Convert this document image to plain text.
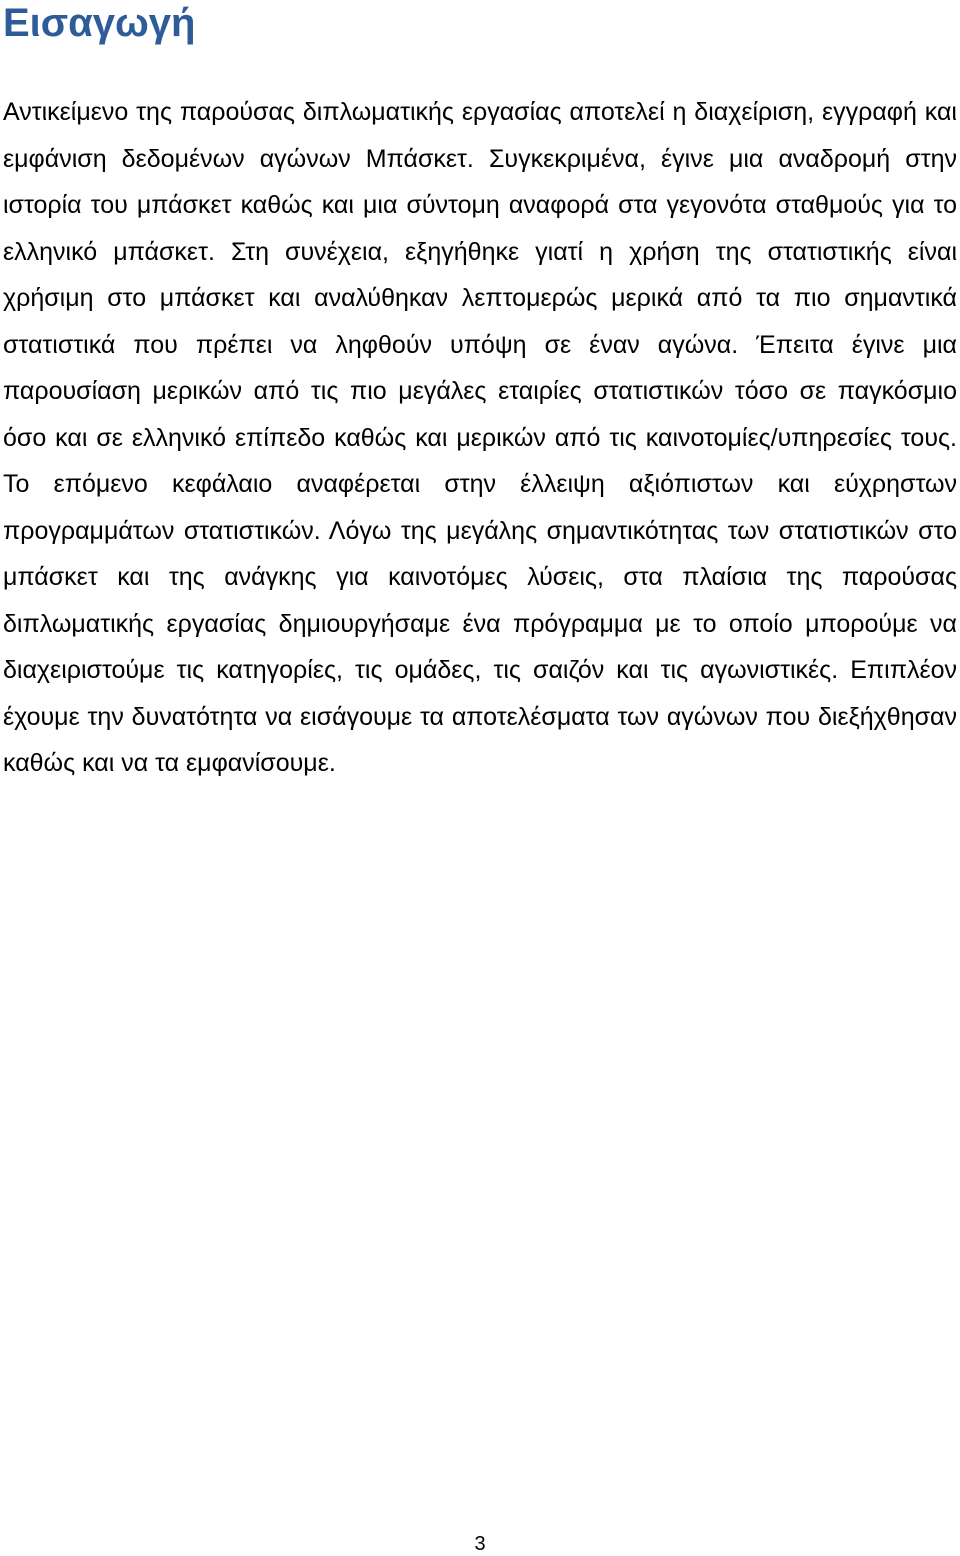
Εισαγωγή

Αντικείμενο της παρούσας διπλωματικής εργασίας αποτελεί η διαχείριση, εγγραφή και εμφάνιση δεδομένων αγώνων Μπάσκετ. Συγκεκριμένα, έγινε μια αναδρομή στην ιστορία του μπάσκετ καθώς και μια σύντομη αναφορά στα γεγονότα σταθμούς για το ελληνικό μπάσκετ. Στη συνέχεια, εξηγήθηκε γιατί η χρήση της στατιστικής είναι χρήσιμη στο μπάσκετ και αναλύθηκαν λεπτομερώς μερικά από τα πιο σημαντικά στατιστικά που πρέπει να ληφθούν υπόψη σε έναν αγώνα. Έπειτα έγινε μια παρουσίαση μερικών από τις πιο μεγάλες εταιρίες στατιστικών τόσο σε παγκόσμιο όσο και σε ελληνικό επίπεδο καθώς και μερικών από τις καινοτομίες/υπηρεσίες τους. Το επόμενο κεφάλαιο αναφέρεται στην έλλειψη αξιόπιστων και εύχρηστων προγραμμάτων στατιστικών. Λόγω της μεγάλης σημαντικότητας των στατιστικών στο μπάσκετ και της ανάγκης για καινοτόμες λύσεις, στα πλαίσια της παρούσας διπλωματικής εργασίας δημιουργήσαμε ένα πρόγραμμα με το οποίο μπορούμε να διαχειριστούμε τις κατηγορίες, τις ομάδες, τις σαιζόν και τις αγωνιστικές. Επιπλέον έχουμε την δυνατότητα να εισάγουμε τα αποτελέσματα των αγώνων που διεξήχθησαν καθώς και να τα εμφανίσουμε.

3
